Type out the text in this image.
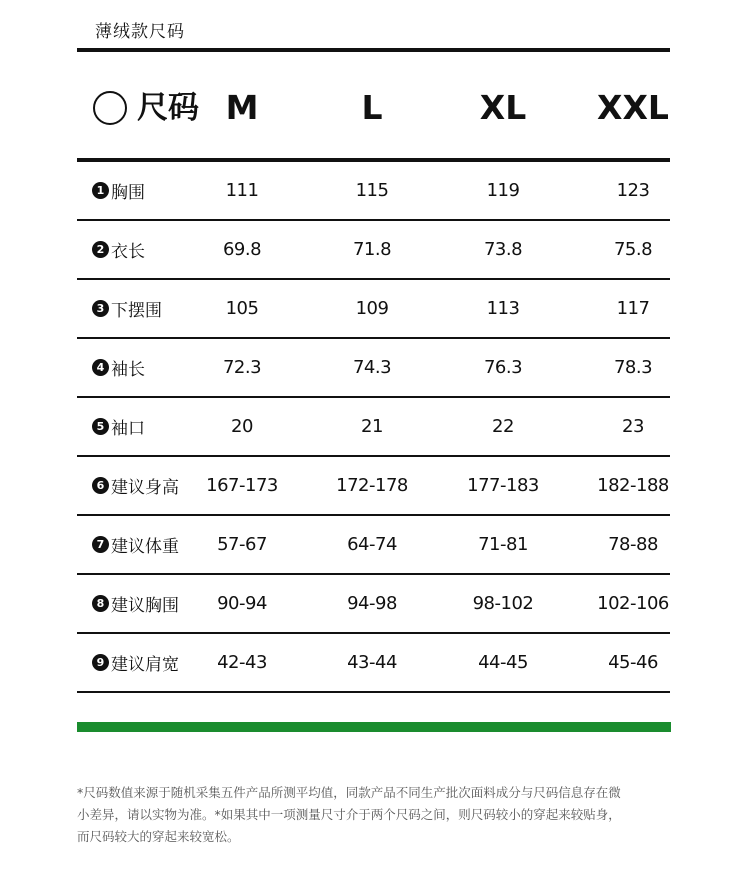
薄绒款尺码
尺码 M	L	XL	XXL
1 胸围	111	115	119	123
2 衣长	69.8	71.8	73.8	75.8
3 下摆围	105	109	113	117
4 袖长	72.3	74.3	76.3	78.3
5 袖口	20	21	22	23
6 建议身高	167-173	172-178	177-183	182-188
7 建议体重	57-67	64-74	71-81	78-88
8 建议胸围	90-94	94-98	98-102	102-106
9 建议肩宽	42-43	43-44	44-45	45-46
*尺码数值来源于随机采集五件产品所测平均值，同款产品不同生产批次面料成分与尺码信息存在微
小差异，请以实物为准。*如果其中一项测量尺寸介于两个尺码之间，则尺码较小的穿起来较贴身，
而尺码较大的穿起来较宽松。
